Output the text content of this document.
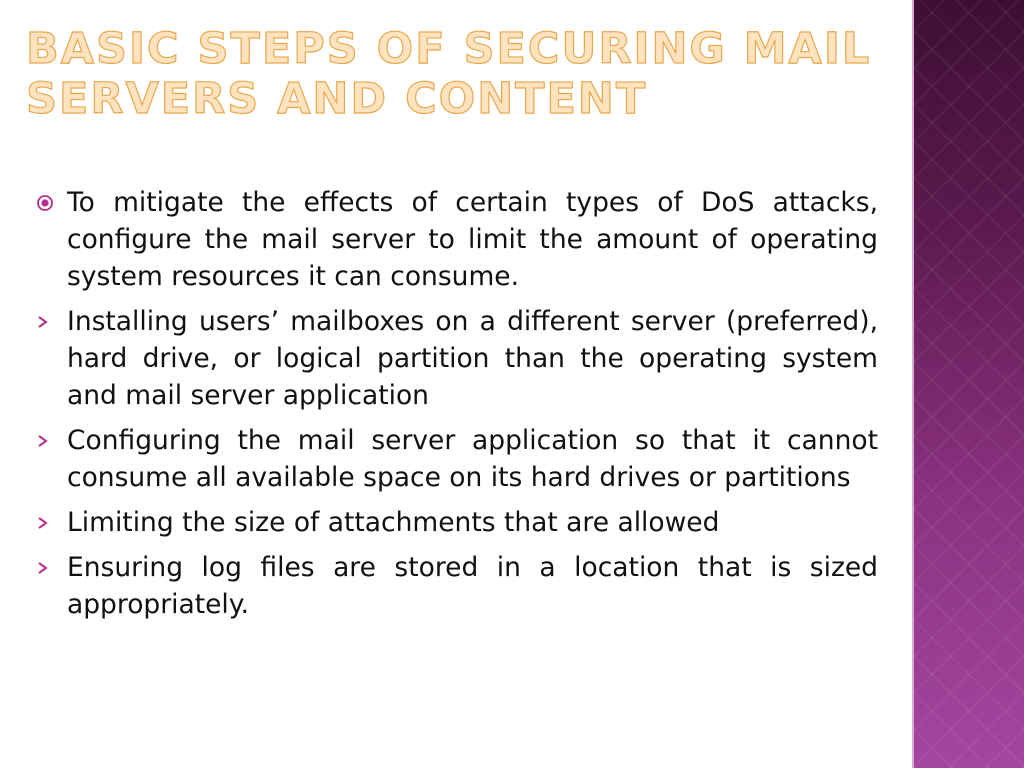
BASIC STEPS OF SECURING MAIL
SERVERS AND CONTENT
To mitigate the effects of certain types of DoS attacks, configure the mail server to limit the amount of operating system resources it can consume.
Installing users’ mailboxes on a different server (preferred), hard drive, or logical partition than the operating system and mail server application
Configuring the mail server application so that it cannot consume all available space on its hard drives or partitions
Limiting the size of attachments that are allowed
Ensuring log files are stored in a location that is sized appropriately.
